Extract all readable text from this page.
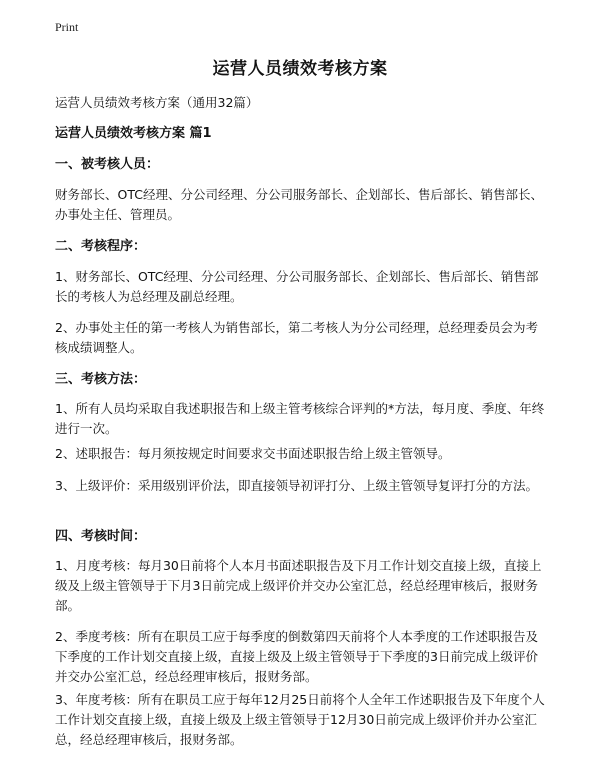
Print
运营人员绩效考核方案

运营人员绩效考核方案（通用32篇）

运营人员绩效考核方案 篇1

一、被考核人员：

财务部长、OTC经理、分公司经理、分公司服务部长、企划部长、售后部长、销售部长、办事处主任、管理员。

二、考核程序：

1、财务部长、OTC经理、分公司经理、分公司服务部长、企划部长、售后部长、销售部长的考核人为总经理及副总经理。

2、办事处主任的第一考核人为销售部长，第二考核人为分公司经理，总经理委员会为考核成绩调整人。

三、考核方法：

1、所有人员均采取自我述职报告和上级主管考核综合评判的*方法，每月度、季度、年终进行一次。

2、述职报告：每月须按规定时间要求交书面述职报告给上级主管领导。

3、上级评价：采用级别评价法，即直接领导初评打分、上级主管领导复评打分的方法。

四、考核时间：

1、月度考核：每月30日前将个人本月书面述职报告及下月工作计划交直接上级，直接上级及上级主管领导于下月3日前完成上级评价并交办公室汇总，经总经理审核后，报财务部。

2、季度考核：所有在职员工应于每季度的倒数第四天前将个人本季度的工作述职报告及下季度的工作计划交直接上级，直接上级及上级主管领导于下季度的3日前完成上级评价并交办公室汇总，经总经理审核后，报财务部。

3、年度考核：所有在职员工应于每年12月25日前将个人全年工作述职报告及下年度个人工作计划交直接上级，直接上级及上级主管领导于12月30日前完成上级评价并办公室汇总，经总经理审核后，报财务部。
